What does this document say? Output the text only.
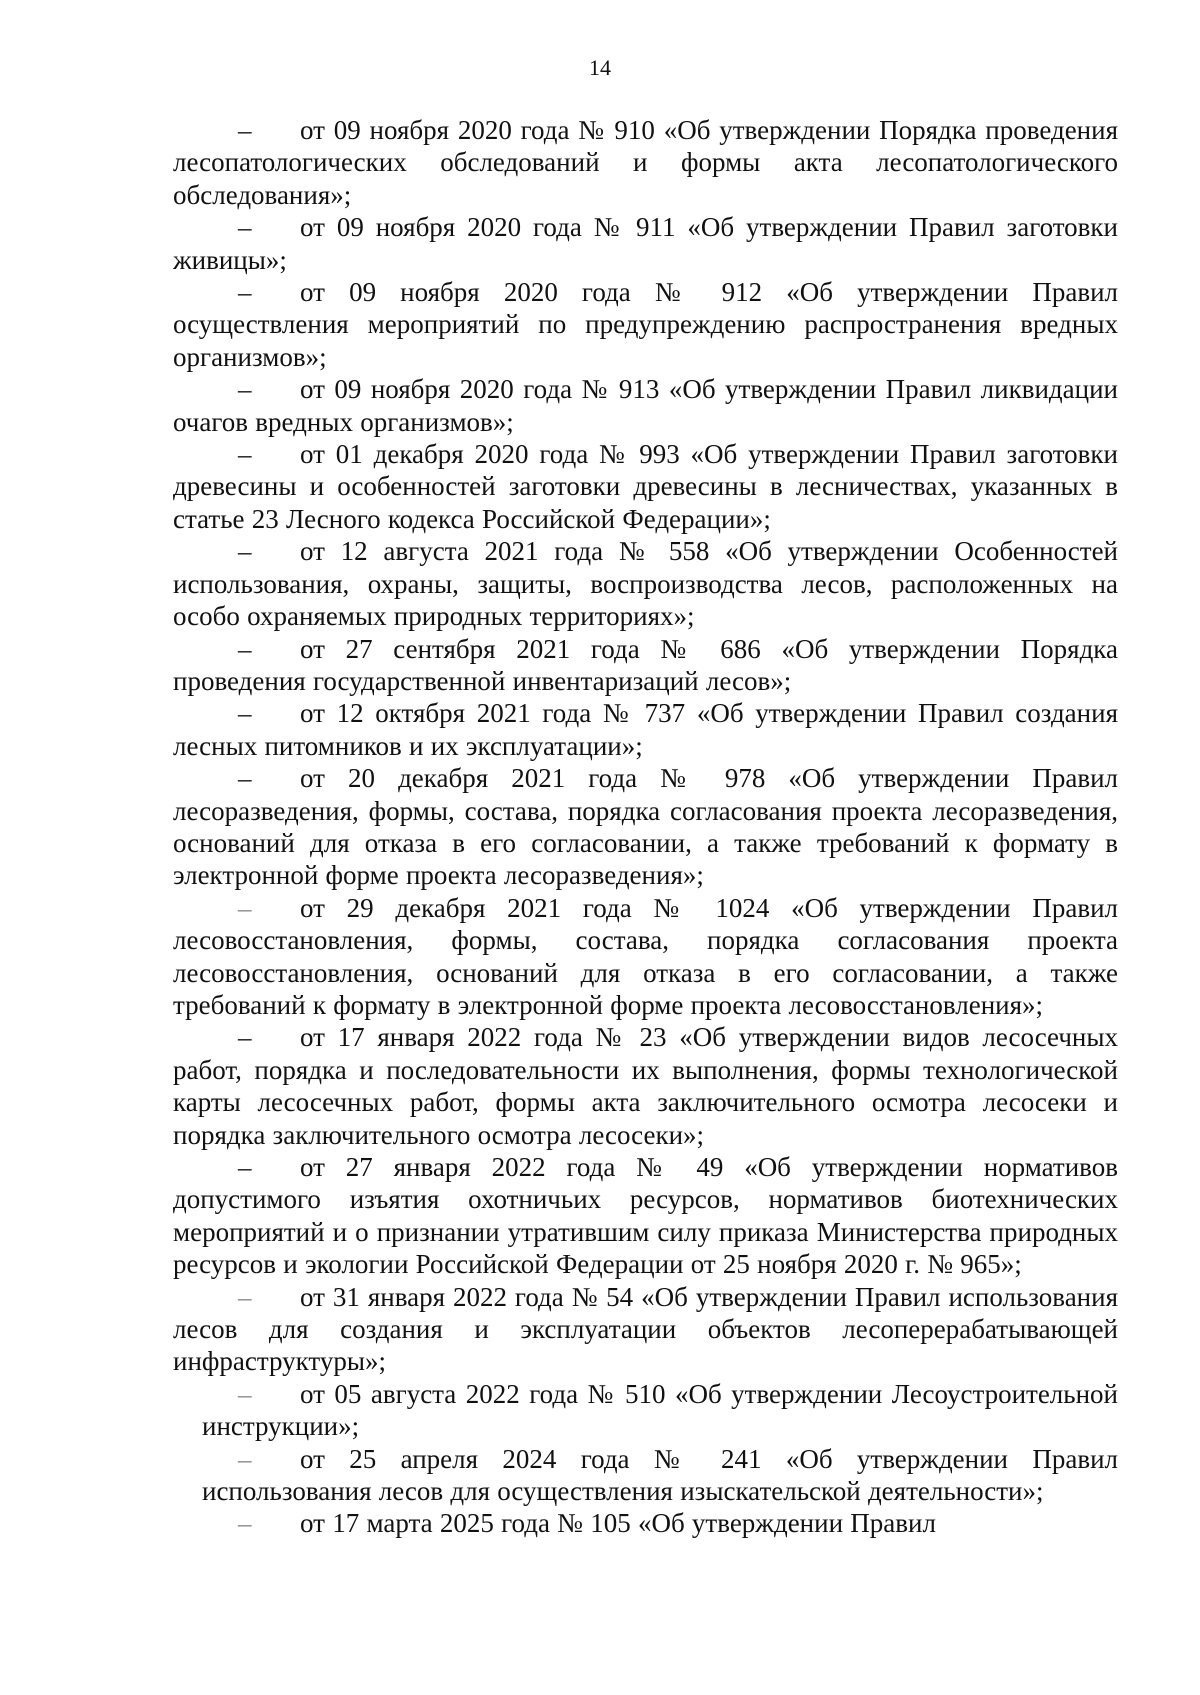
14

– от 09 ноября 2020 года № 910 «Об утверждении Порядка проведения лесопатологических обследований и формы акта лесопатологического обследования»;

– от 09 ноября 2020 года № 911 «Об утверждении Правил заготовки живицы»;

– от 09 ноября 2020 года № 912 «Об утверждении Правил осуществления мероприятий по предупреждению распространения вредных организмов»;

– от 09 ноября 2020 года № 913 «Об утверждении Правил ликвидации очагов вредных организмов»;

– от 01 декабря 2020 года № 993 «Об утверждении Правил заготовки древесины и особенностей заготовки древесины в лесничествах, указанных в статье 23 Лесного кодекса Российской Федерации»;

– от 12 августа 2021 года № 558 «Об утверждении Особенностей использования, охраны, защиты, воспроизводства лесов, расположенных на особо охраняемых природных территориях»;

– от 27 сентября 2021 года № 686 «Об утверждении Порядка проведения государственной инвентаризаций лесов»;

– от 12 октября 2021 года № 737 «Об утверждении Правил создания лесных питомников и их эксплуатации»;

– от 20 декабря 2021 года № 978 «Об утверждении Правил лесоразведения, формы, состава, порядка согласования проекта лесоразведения, оснований для отказа в его согласовании, а также требований к формату в электронной форме проекта лесоразведения»;

– от 29 декабря 2021 года № 1024 «Об утверждении Правил лесовосстановления, формы, состава, порядка согласования проекта лесовосстановления, оснований для отказа в его согласовании, а также требований к формату в электронной форме проекта лесовосстановления»;

– от 17 января 2022 года № 23 «Об утверждении видов лесосечных работ, порядка и последовательности их выполнения, формы технологической карты лесосечных работ, формы акта заключительного осмотра лесосеки и порядка заключительного осмотра лесосеки»;

– от 27 января 2022 года № 49 «Об утверждении нормативов допустимого изъятия охотничьих ресурсов, нормативов биотехнических мероприятий и о признании утратившим силу приказа Министерства природных ресурсов и экологии Российской Федерации от 25 ноября 2020 г. № 965»;

– от 31 января 2022 года № 54 «Об утверждении Правил использования лесов для создания и эксплуатации объектов лесоперерабатывающей инфраструктуры»;

– от 05 августа 2022 года № 510 «Об утверждении Лесоустроительной инструкции»;

– от 25 апреля 2024 года № 241 «Об утверждении Правил использования лесов для осуществления изыскательской деятельности»;

– от 17 марта 2025 года № 105 «Об утверждении Правил
